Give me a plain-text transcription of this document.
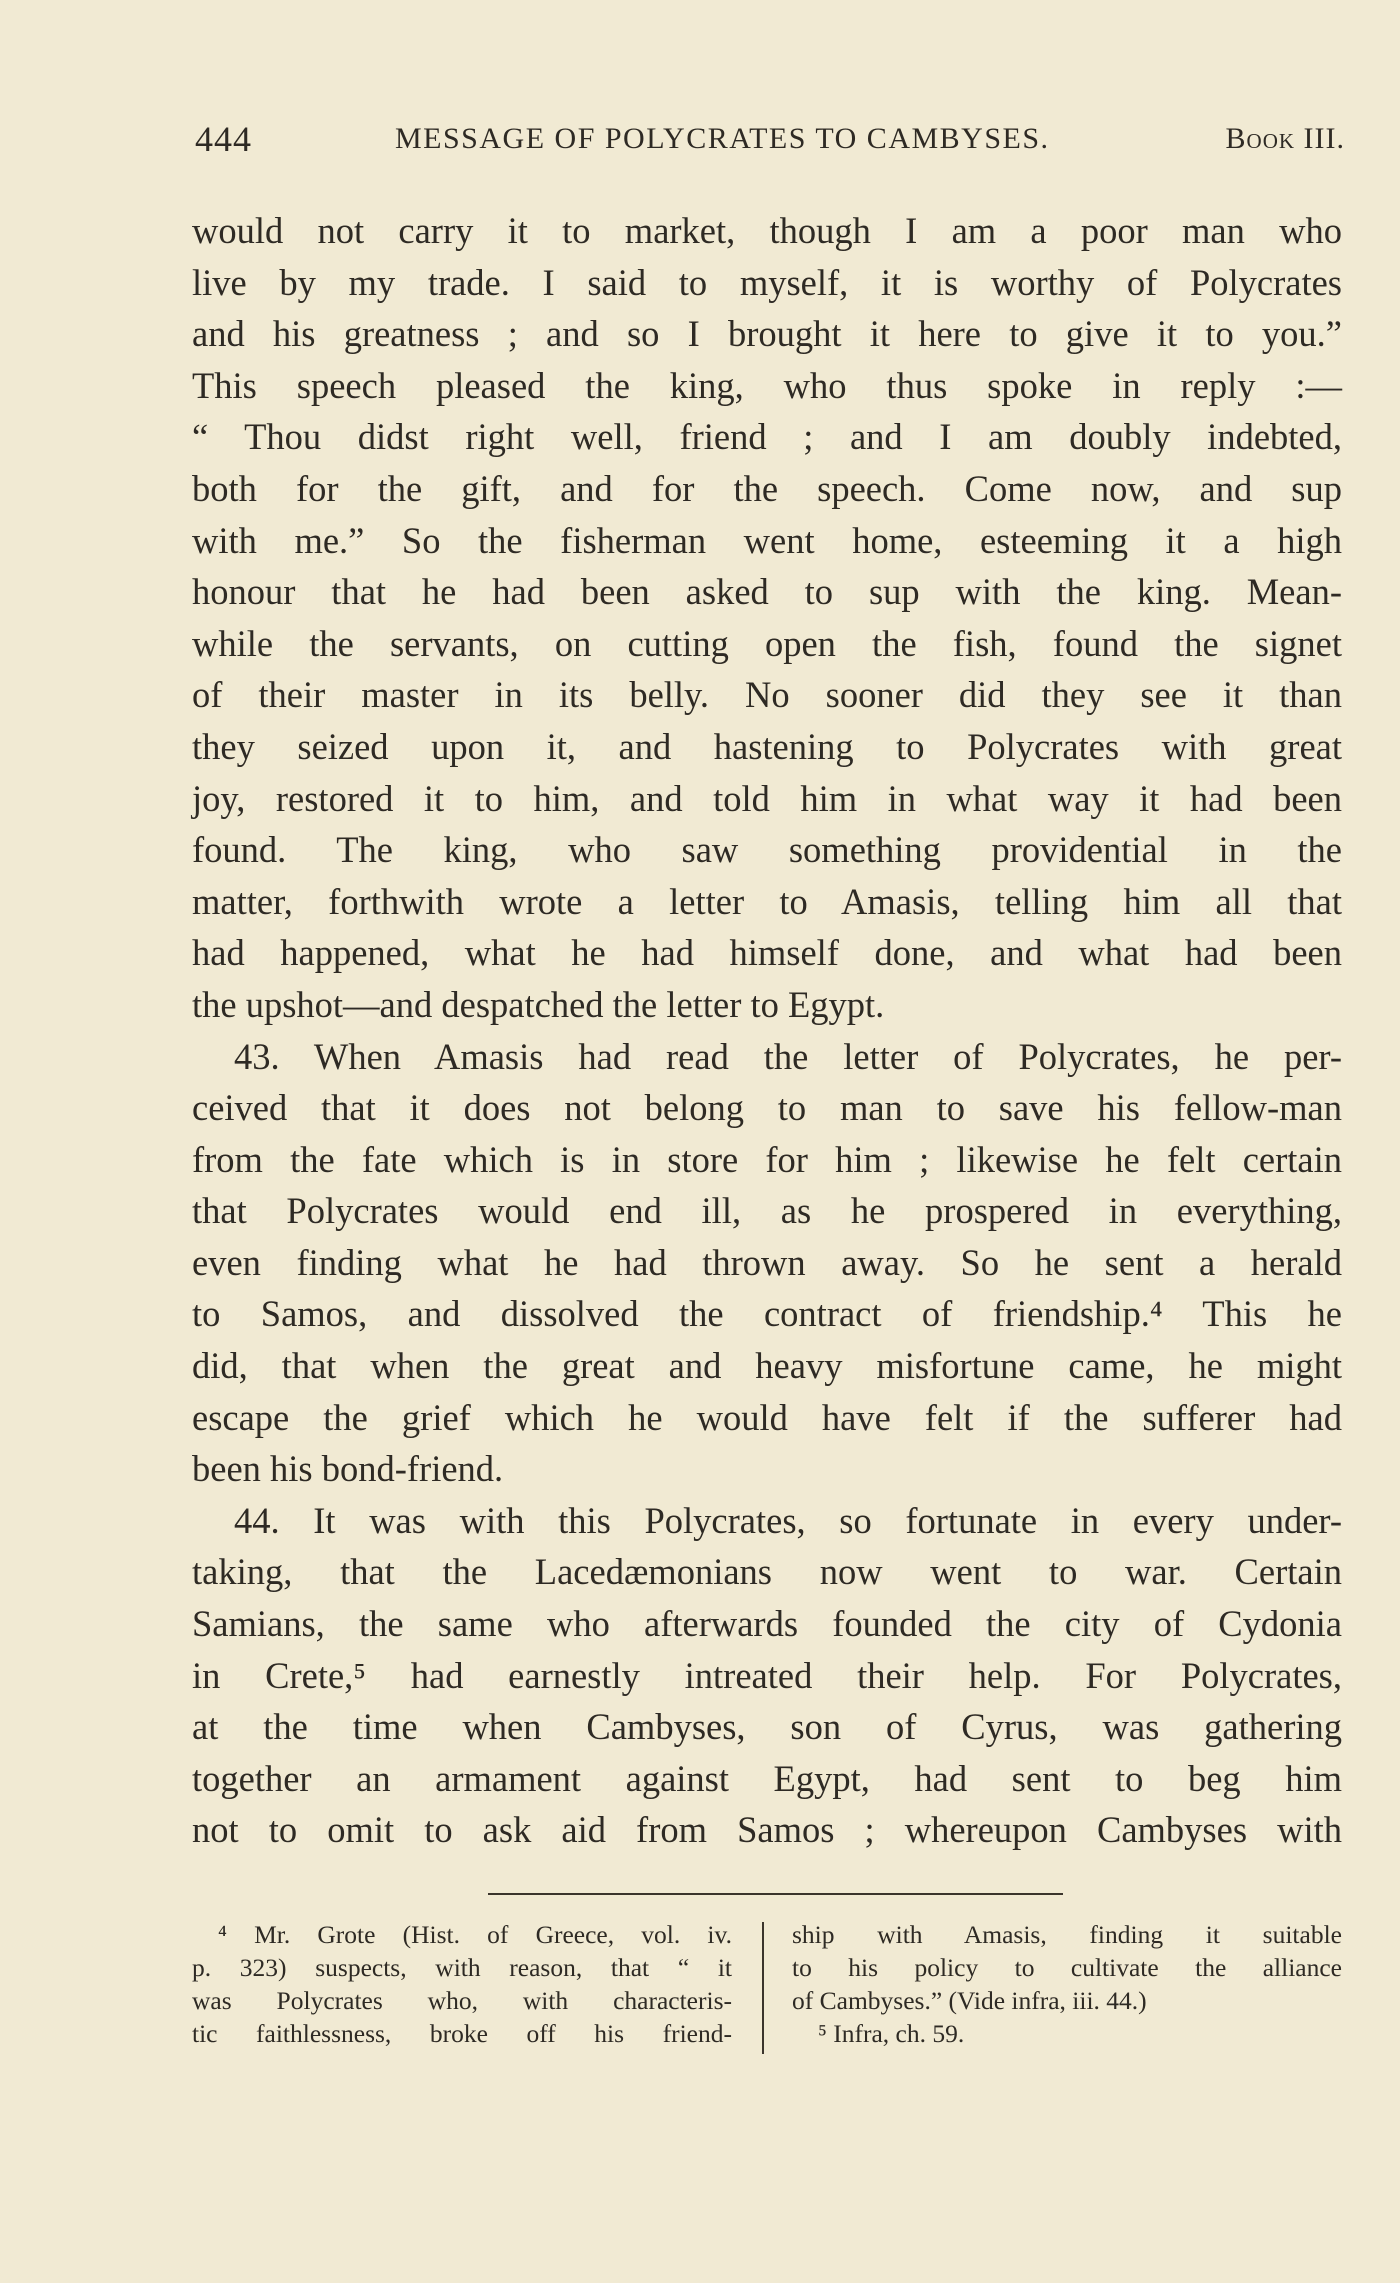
444	MESSAGE OF POLYCRATES TO CAMBYSES.	Book III.
would not carry it to market, though I am a poor man who
live by my trade. I said to myself, it is worthy of Polycrates
and his greatness ; and so I brought it here to give it to you.”
This speech pleased the king, who thus spoke in reply :—
“ Thou didst right well, friend ; and I am doubly indebted,
both for the gift, and for the speech. Come now, and sup
with me.” So the fisherman went home, esteeming it a high
honour that he had been asked to sup with the king. Mean-
while the servants, on cutting open the fish, found the signet
of their master in its belly. No sooner did they see it than
they seized upon it, and hastening to Polycrates with great
joy, restored it to him, and told him in what way it had been
found. The king, who saw something providential in the
matter, forthwith wrote a letter to Amasis, telling him all that
had happened, what he had himself done, and what had been
the upshot—and despatched the letter to Egypt.
43. When Amasis had read the letter of Polycrates, he per-
ceived that it does not belong to man to save his fellow-man
from the fate which is in store for him ; likewise he felt certain
that Polycrates would end ill, as he prospered in everything,
even finding what he had thrown away. So he sent a herald
to Samos, and dissolved the contract of friendship.⁴ This he
did, that when the great and heavy misfortune came, he might
escape the grief which he would have felt if the sufferer had
been his bond-friend.
44. It was with this Polycrates, so fortunate in every under-
taking, that the Lacedæmonians now went to war. Certain
Samians, the same who afterwards founded the city of Cydonia
in Crete,⁵ had earnestly intreated their help. For Polycrates,
at the time when Cambyses, son of Cyrus, was gathering
together an armament against Egypt, had sent to beg him
not to omit to ask aid from Samos ; whereupon Cambyses with
⁴ Mr. Grote (Hist. of Greece, vol. iv.
p. 323) suspects, with reason, that “ it
was Polycrates who, with characteris-
tic faithlessness, broke off his friend-
ship with Amasis, finding it suitable
to his policy to cultivate the alliance
of Cambyses.” (Vide infra, iii. 44.)
⁵ Infra, ch. 59.
